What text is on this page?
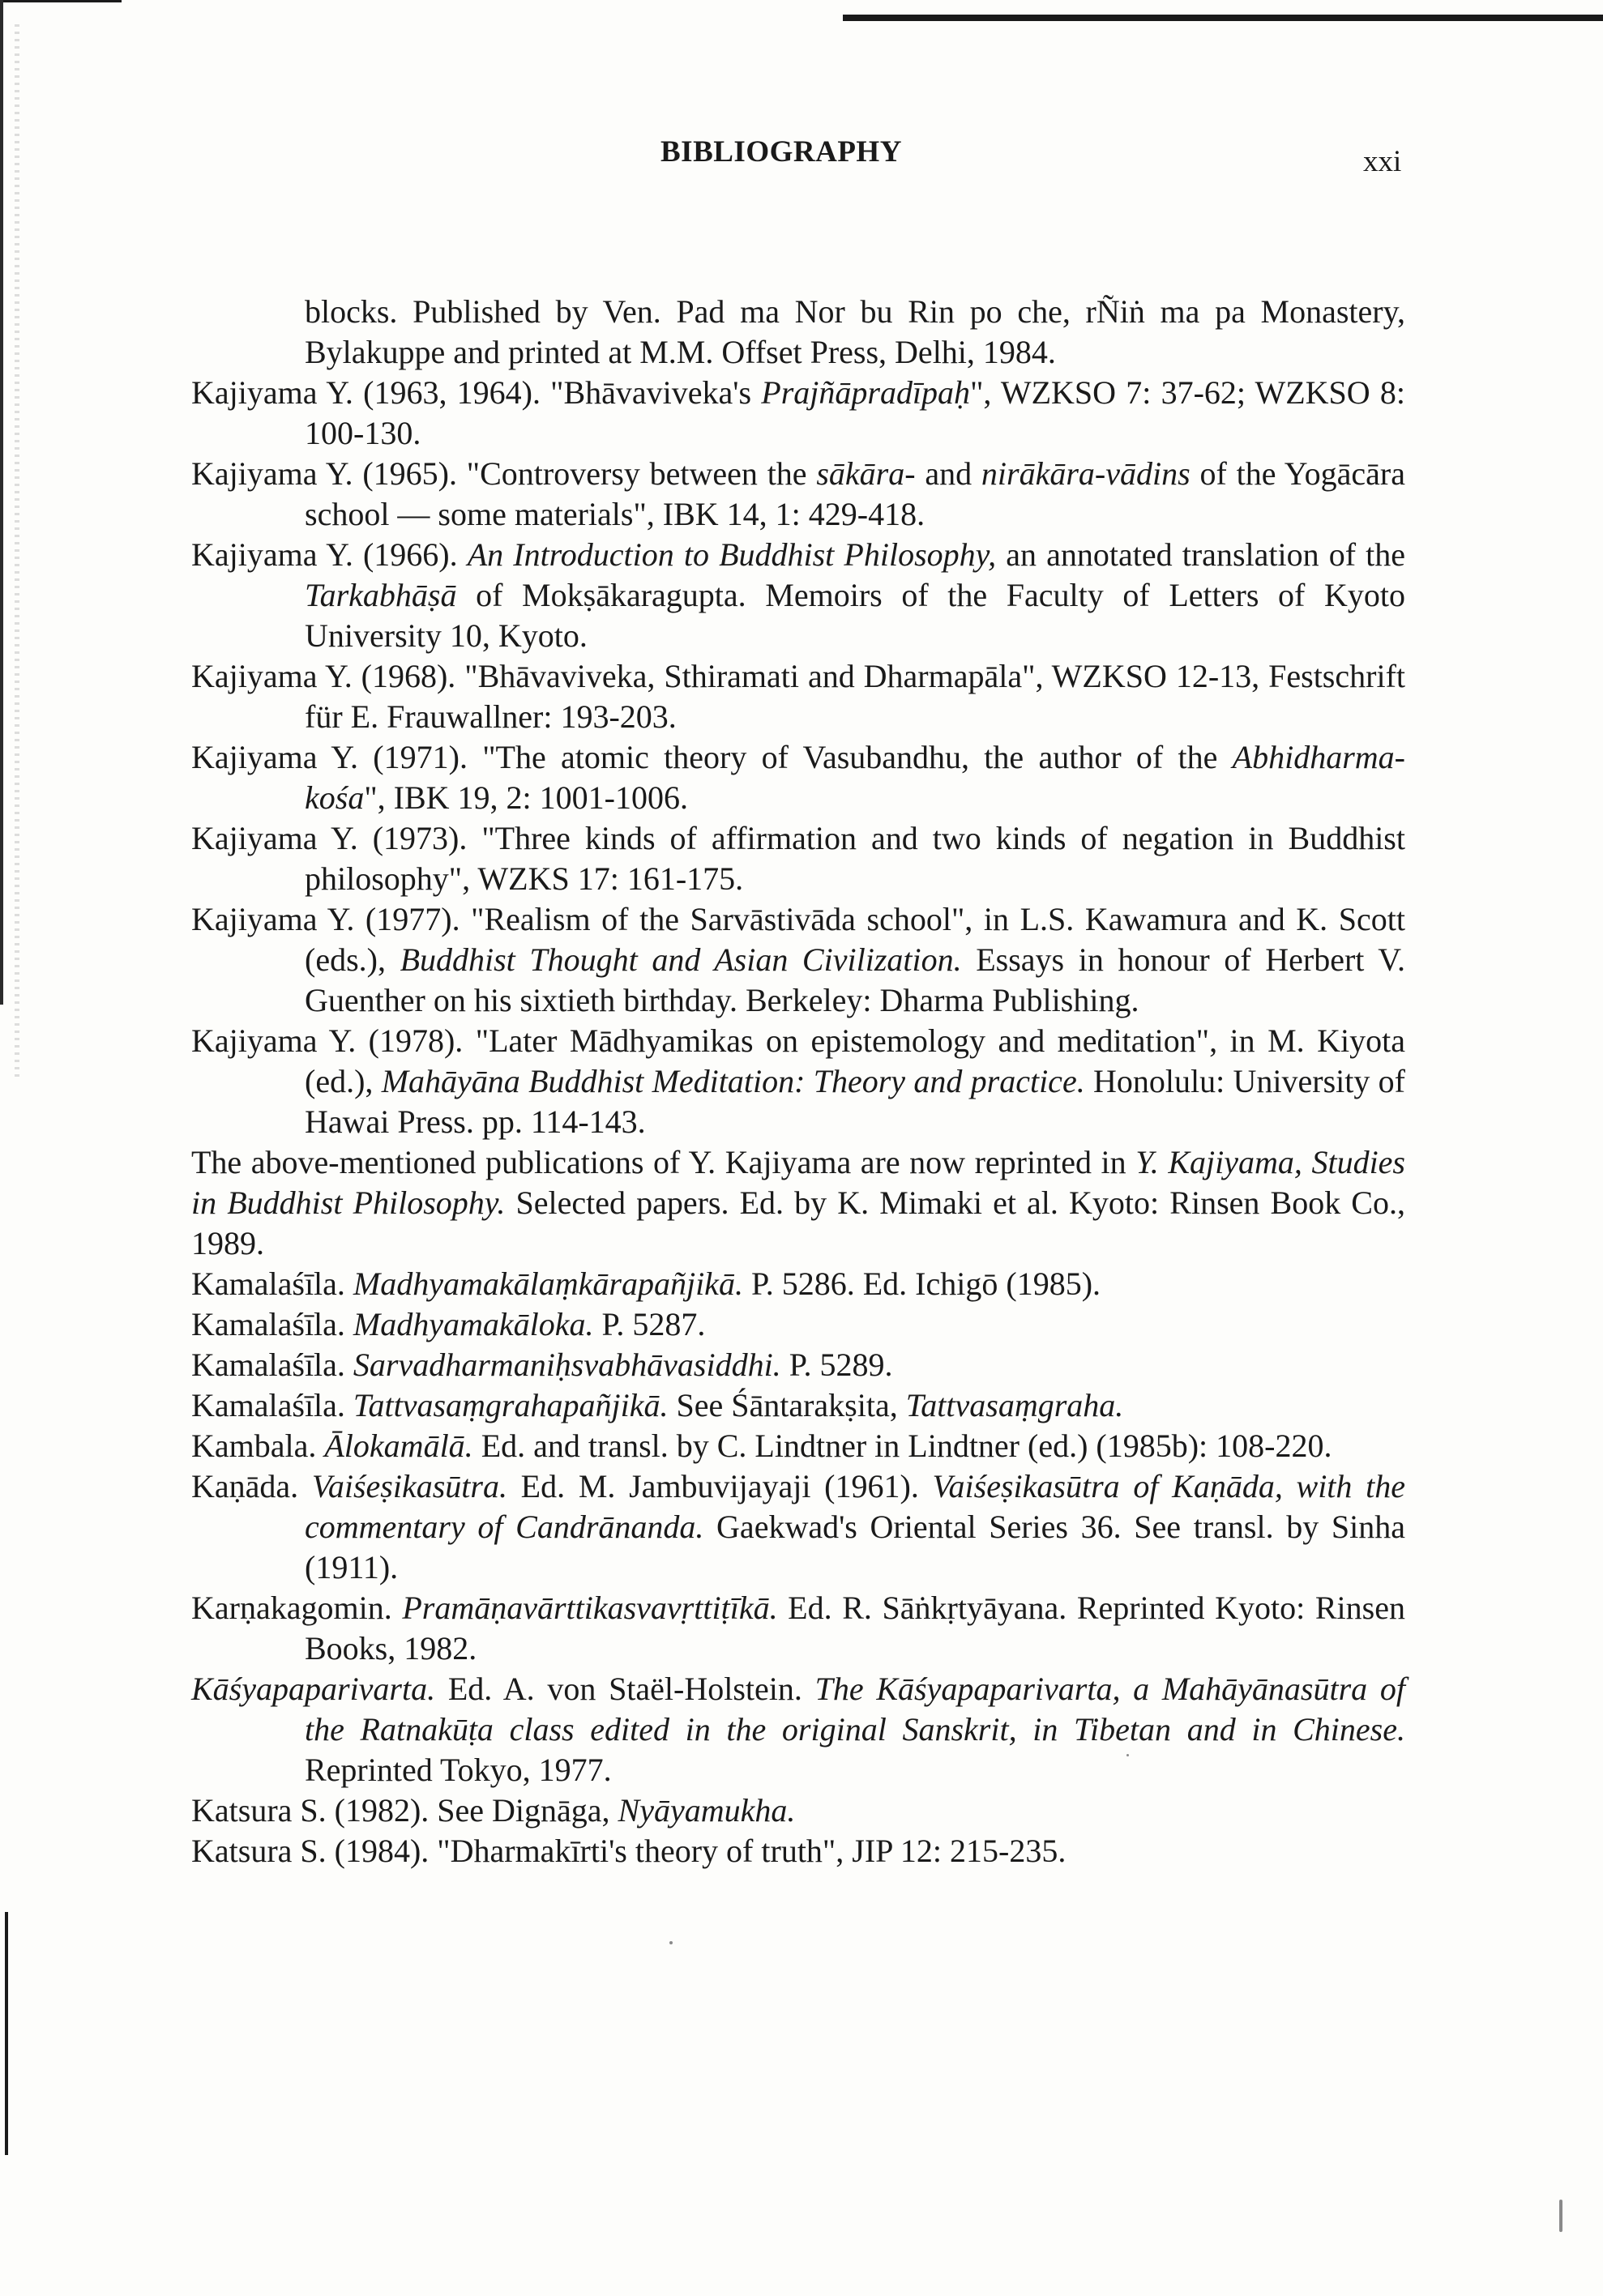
BIBLIOGRAPHY	xxi

blocks. Published by Ven. Pad ma Nor bu Rin po che, rÑiṅ ma pa Monastery, Bylakuppe and printed at M.M. Offset Press, Delhi, 1984.

Kajiyama Y. (1963, 1964). "Bhāvaviveka's Prajñāpradīpaḥ", WZKSO 7: 37-62; WZKSO 8: 100-130.

Kajiyama Y. (1965). "Controversy between the sākāra- and nirākāra-vādins of the Yogācāra school — some materials", IBK 14, 1: 429-418.

Kajiyama Y. (1966). An Introduction to Buddhist Philosophy, an annotated translation of the Tarkabhāṣā of Mokṣākaragupta. Memoirs of the Faculty of Letters of Kyoto University 10, Kyoto.

Kajiyama Y. (1968). "Bhāvaviveka, Sthiramati and Dharmapāla", WZKSO 12-13, Festschrift für E. Frauwallner: 193-203.

Kajiyama Y. (1971). "The atomic theory of Vasubandhu, the author of the Abhidharma-kośa", IBK 19, 2: 1001-1006.

Kajiyama Y. (1973). "Three kinds of affirmation and two kinds of negation in Buddhist philosophy", WZKS 17: 161-175.

Kajiyama Y. (1977). "Realism of the Sarvāstivāda school", in L.S. Kawamura and K. Scott (eds.), Buddhist Thought and Asian Civilization. Essays in honour of Herbert V. Guenther on his sixtieth birthday. Berkeley: Dharma Publishing.

Kajiyama Y. (1978). "Later Mādhyamikas on epistemology and meditation", in M. Kiyota (ed.), Mahāyāna Buddhist Meditation: Theory and practice. Honolulu: University of Hawai Press. pp. 114-143.

The above-mentioned publications of Y. Kajiyama are now reprinted in Y. Kajiyama, Studies in Buddhist Philosophy. Selected papers. Ed. by K. Mimaki et al. Kyoto: Rinsen Book Co., 1989.

Kamalaśīla. Madhyamakālaṃkārapañjikā. P. 5286. Ed. Ichigō (1985).

Kamalaśīla. Madhyamakāloka. P. 5287.

Kamalaśīla. Sarvadharmaniḥsvabhāvasiddhi. P. 5289.

Kamalaśīla. Tattvasaṃgrahapañjikā. See Śāntarakṣita, Tattvasaṃgraha.

Kambala. Ālokamālā. Ed. and transl. by C. Lindtner in Lindtner (ed.) (1985b): 108-220.

Kaṇāda. Vaiśeṣikasūtra. Ed. M. Jambuvijayaji (1961). Vaiśeṣikasūtra of Kaṇāda, with the commentary of Candrānanda. Gaekwad's Oriental Series 36. See transl. by Sinha (1911).

Karṇakagomin. Pramāṇavārttikasvavṛttiṭīkā. Ed. R. Sāṅkṛtyāyana. Reprinted Kyoto: Rinsen Books, 1982.

Kāśyapaparivarta. Ed. A. von Staël-Holstein. The Kāśyapaparivarta, a Mahāyānasūtra of the Ratnakūṭa class edited in the original Sanskrit, in Tibetan and in Chinese. Reprinted Tokyo, 1977.

Katsura S. (1982). See Dignāga, Nyāyamukha.

Katsura S. (1984). "Dharmakīrti's theory of truth", JIP 12: 215-235.
